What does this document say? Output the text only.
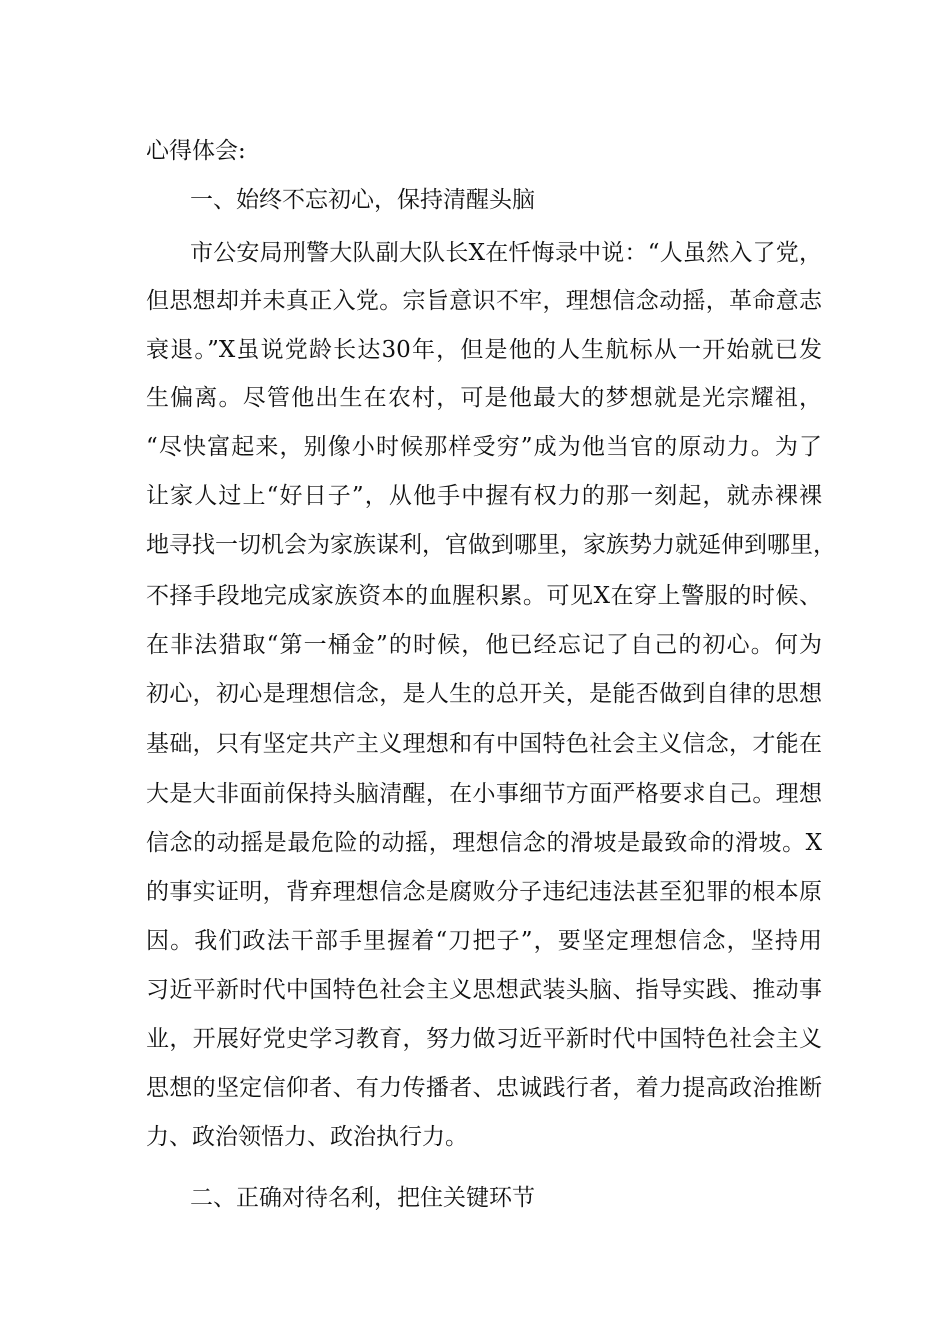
心得体会:
一、始终不忘初心，保持清醒头脑
市公安局刑警大队副大队长X在忏悔录中说：“人虽然入了党，
但思想却并未真正入党。宗旨意识不牢，理想信念动摇，革命意志
衰退。”X虽说党龄长达30年，但是他的人生航标从一开始就已发
生偏离。尽管他出生在农村，可是他最大的梦想就是光宗耀祖，
“尽快富起来，别像小时候那样受穷”成为他当官的原动力。为了
让家人过上“好日子”，从他手中握有权力的那一刻起，就赤裸裸
地寻找一切机会为家族谋利，官做到哪里，家族势力就延伸到哪里，
不择手段地完成家族资本的血腥积累。可见X在穿上警服的时候、
在非法猎取“第一桶金”的时候，他已经忘记了自己的初心。何为
初心，初心是理想信念，是人生的总开关，是能否做到自律的思想
基础，只有坚定共产主义理想和有中国特色社会主义信念，才能在
大是大非面前保持头脑清醒，在小事细节方面严格要求自己。理想
信念的动摇是最危险的动摇，理想信念的滑坡是最致命的滑坡。X
的事实证明，背弃理想信念是腐败分子违纪违法甚至犯罪的根本原
因。我们政法干部手里握着“刀把子”，要坚定理想信念，坚持用
习近平新时代中国特色社会主义思想武装头脑、指导实践、推动事
业，开展好党史学习教育，努力做习近平新时代中国特色社会主义
思想的坚定信仰者、有力传播者、忠诚践行者，着力提高政治推断
力、政治领悟力、政治执行力。
二、正确对待名利，把住关键环节
